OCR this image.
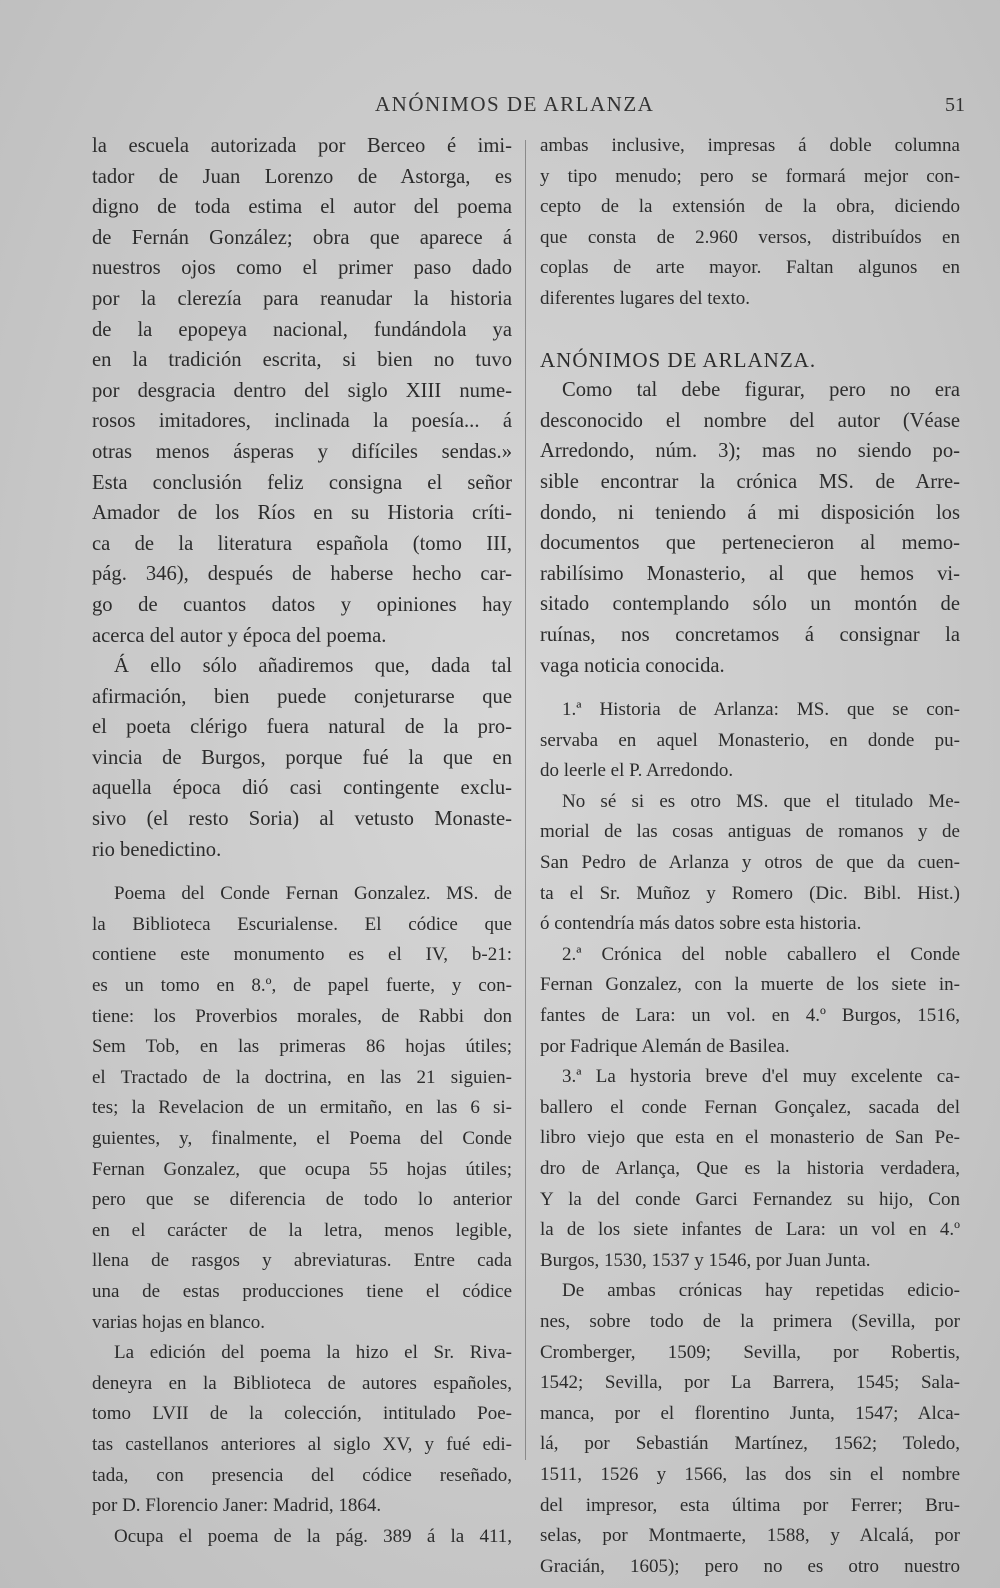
ANÓNIMOS DE ARLANZA	51
la escuela autorizada por Berceo é imi-
tador de Juan Lorenzo de Astorga, es
digno de toda estima el autor del poema
de Fernán González; obra que aparece á
nuestros ojos como el primer paso dado
por la clerezía para reanudar la historia
de la epopeya nacional, fundándola ya
en la tradición escrita, si bien no tuvo
por desgracia dentro del siglo XIII nume-
rosos imitadores, inclinada la poesía... á
otras menos ásperas y difíciles sendas.»
Esta conclusión feliz consigna el señor
Amador de los Ríos en su Historia críti-
ca de la literatura española (tomo III,
pág. 346), después de haberse hecho car-
go de cuantos datos y opiniones hay
acerca del autor y época del poema.
Á ello sólo añadiremos que, dada tal
afirmación, bien puede conjeturarse que
el poeta clérigo fuera natural de la pro-
vincia de Burgos, porque fué la que en
aquella época dió casi contingente exclu-
sivo (el resto Soria) al vetusto Monaste-
rio benedictino.
Poema del Conde Fernan Gonzalez. MS. de
la Biblioteca Escurialense. El códice que
contiene este monumento es el IV, b-21:
es un tomo en 8.º, de papel fuerte, y con-
tiene: los Proverbios morales, de Rabbi don
Sem Tob, en las primeras 86 hojas útiles;
el Tractado de la doctrina, en las 21 siguien-
tes; la Revelacion de un ermitaño, en las 6 si-
guientes, y, finalmente, el Poema del Conde
Fernan Gonzalez, que ocupa 55 hojas útiles;
pero que se diferencia de todo lo anterior
en el carácter de la letra, menos legible,
llena de rasgos y abreviaturas. Entre cada
una de estas producciones tiene el códice
varias hojas en blanco.
La edición del poema la hizo el Sr. Riva-
deneyra en la Biblioteca de autores españoles,
tomo LVII de la colección, intitulado Poe-
tas castellanos anteriores al siglo XV, y fué edi-
tada, con presencia del códice reseñado,
por D. Florencio Janer: Madrid, 1864.
Ocupa el poema de la pág. 389 á la 411,
ambas inclusive, impresas á doble columna
y tipo menudo; pero se formará mejor con-
cepto de la extensión de la obra, diciendo
que consta de 2.960 versos, distribuídos en
coplas de arte mayor. Faltan algunos en
diferentes lugares del texto.
ANÓNIMOS DE ARLANZA.
Como tal debe figurar, pero no era
desconocido el nombre del autor (Véase
Arredondo, núm. 3); mas no siendo po-
sible encontrar la crónica MS. de Arre-
dondo, ni teniendo á mi disposición los
documentos que pertenecieron al memo-
rabilísimo Monasterio, al que hemos vi-
sitado contemplando sólo un montón de
ruínas, nos concretamos á consignar la
vaga noticia conocida.
1.ª Historia de Arlanza: MS. que se con-
servaba en aquel Monasterio, en donde pu-
do leerle el P. Arredondo.
No sé si es otro MS. que el titulado Me-
morial de las cosas antiguas de romanos y de
San Pedro de Arlanza y otros de que da cuen-
ta el Sr. Muñoz y Romero (Dic. Bibl. Hist.)
ó contendría más datos sobre esta historia.
2.ª Crónica del noble caballero el Conde
Fernan Gonzalez, con la muerte de los siete in-
fantes de Lara: un vol. en 4.º Burgos, 1516,
por Fadrique Alemán de Basilea.
3.ª La hystoria breve d'el muy excelente ca-
ballero el conde Fernan Gonçalez, sacada del
libro viejo que esta en el monasterio de San Pe-
dro de Arlança, Que es la historia verdadera,
Y la del conde Garci Fernandez su hijo, Con
la de los siete infantes de Lara: un vol en 4.º
Burgos, 1530, 1537 y 1546, por Juan Junta.
De ambas crónicas hay repetidas edicio-
nes, sobre todo de la primera (Sevilla, por
Cromberger, 1509; Sevilla, por Robertis,
1542; Sevilla, por La Barrera, 1545; Sala-
manca, por el florentino Junta, 1547; Alca-
lá, por Sebastián Martínez, 1562; Toledo,
1511, 1526 y 1566, las dos sin el nombre
del impresor, esta última por Ferrer; Bru-
selas, por Montmaerte, 1588, y Alcalá, por
Gracián, 1605); pero no es otro nuestro
